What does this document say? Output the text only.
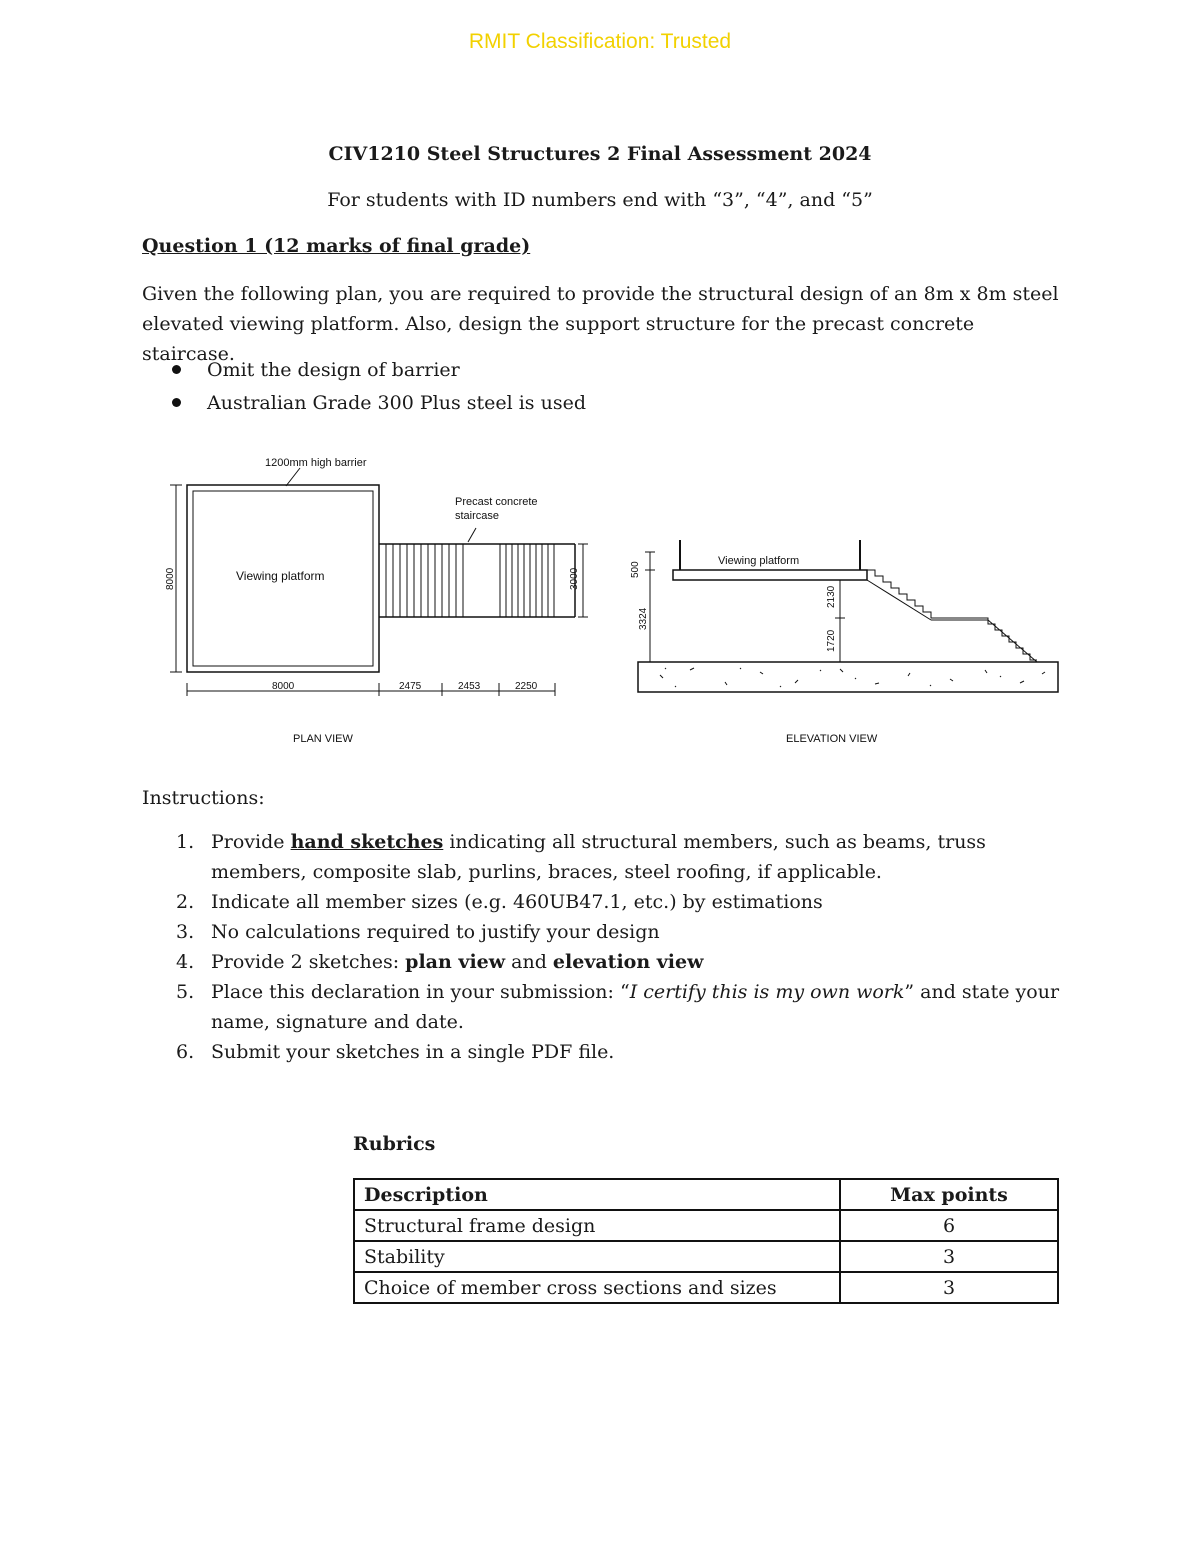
RMIT Classification: Trusted
CIV1210 Steel Structures 2 Final Assessment 2024
For students with ID numbers end with “3”, “4”, and “5”
Question 1 (12 marks of final grade)
Given the following plan, you are required to provide the structural design of an 8m x 8m steel elevated viewing platform. Also, design the support structure for the precast concrete staircase.
Omit the design of barrier
Australian Grade 300 Plus steel is used
1200mm high barrier
Precast concrete
staircase
Viewing platform
8000	3000
8000	2475	2453	2250
PLAN VIEW
Viewing platform
500
3324
2130
1720
ELEVATION VIEW
Instructions:
1. Provide hand sketches indicating all structural members, such as beams, truss members, composite slab, purlins, braces, steel roofing, if applicable.
2. Indicate all member sizes (e.g. 460UB47.1, etc.) by estimations
3. No calculations required to justify your design
4. Provide 2 sketches: plan view and elevation view
5. Place this declaration in your submission: “I certify this is my own work” and state your name, signature and date.
6. Submit your sketches in a single PDF file.
Rubrics
Description	Max points
Structural frame design	6
Stability	3
Choice of member cross sections and sizes	3
